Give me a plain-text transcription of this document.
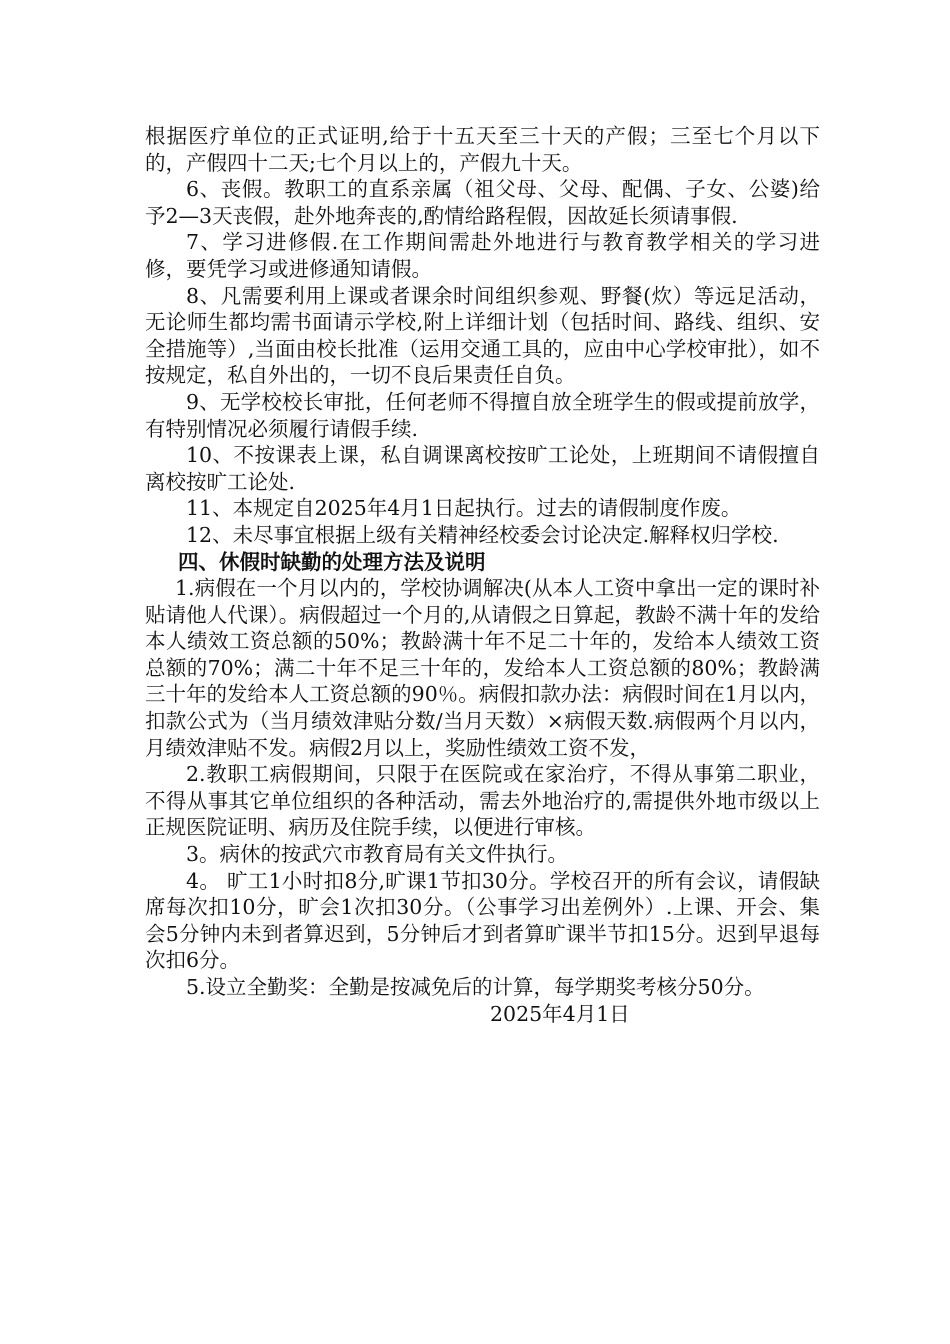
根据医疗单位的正式证明,给于十五天至三十天的产假；三至七个月以下的，产假四十二天;七个月以上的，产假九十天。

6、丧假。教职工的直系亲属（祖父母、父母、配偶、子女、公婆)给予2—3天丧假，赴外地奔丧的,酌情给路程假，因故延长须请事假.

7、学习进修假.在工作期间需赴外地进行与教育教学相关的学习进修，要凭学习或进修通知请假。

8、凡需要利用上课或者课余时间组织参观、野餐(炊）等远足活动，无论师生都均需书面请示学校,附上详细计划（包括时间、路线、组织、安全措施等）,当面由校长批准（运用交通工具的，应由中心学校审批），如不按规定，私自外出的，一切不良后果责任自负。

9、无学校校长审批，任何老师不得擅自放全班学生的假或提前放学，有特别情况必须履行请假手续.

10、不按课表上课，私自调课离校按旷工论处，上班期间不请假擅自离校按旷工论处.

11、本规定自2025年4月1日起执行。过去的请假制度作废。

12、未尽事宜根据上级有关精神经校委会讨论决定.解释权归学校.

四、休假时缺勤的处理方法及说明

1.病假在一个月以内的，学校协调解决(从本人工资中拿出一定的课时补贴请他人代课）。病假超过一个月的,从请假之日算起，教龄不满十年的发给本人绩效工资总额的50%；教龄满十年不足二十年的，发给本人绩效工资总额的70%；满二十年不足三十年的，发给本人工资总额的80%；教龄满三十年的发给本人工资总额的90％。病假扣款办法：病假时间在1月以内，扣款公式为（当月绩效津贴分数/当月天数）×病假天数.病假两个月以内，月绩效津贴不发。病假2月以上，奖励性绩效工资不发，

2.教职工病假期间，只限于在医院或在家治疗，不得从事第二职业，不得从事其它单位组织的各种活动，需去外地治疗的,需提供外地市级以上正规医院证明、病历及住院手续，以便进行审核。

3。病休的按武穴市教育局有关文件执行。

4。 旷工1小时扣8分,旷课1节扣30分。学校召开的所有会议，请假缺席每次扣10分，旷会1次扣30分。（公事学习出差例外）.上课、开会、集会5分钟内未到者算迟到，5分钟后才到者算旷课半节扣15分。迟到早退每次扣6分。

5.设立全勤奖：全勤是按减免后的计算，每学期奖考核分50分。

2025年4月1日
